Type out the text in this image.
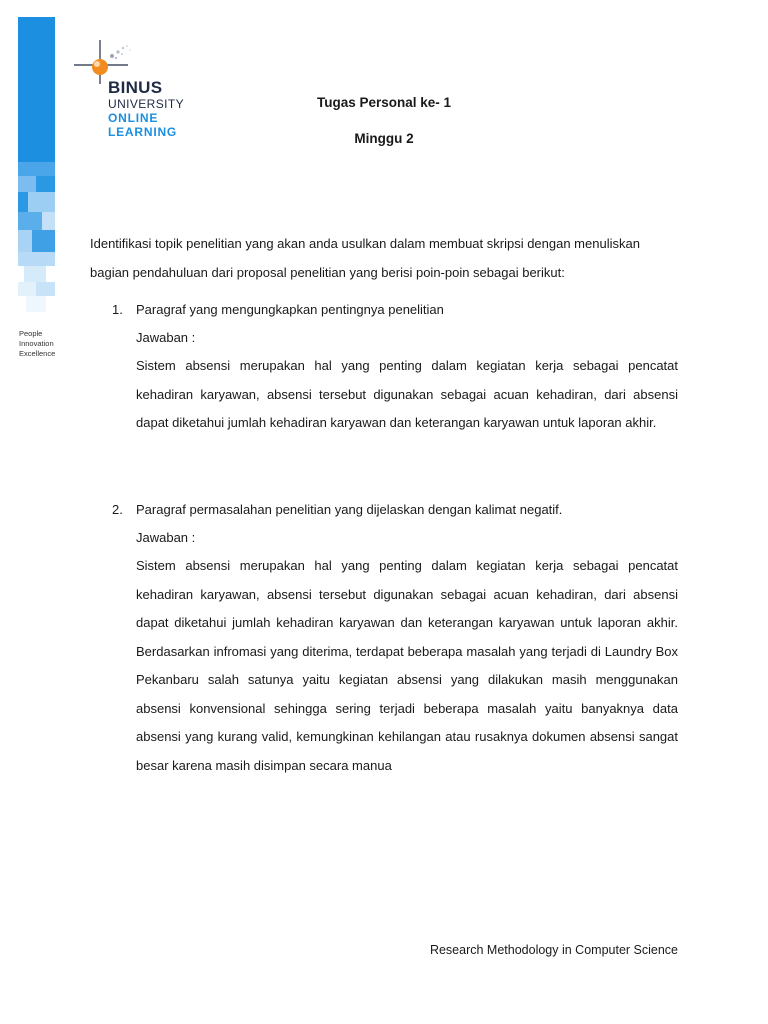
People
Innovation
Excellence
BINUS
UNIVERSITY
ONLINE
LEARNING
Tugas Personal ke- 1
Minggu 2
Identifikasi topik penelitian yang akan anda usulkan dalam membuat skripsi dengan menuliskan bagian pendahuluan dari proposal penelitian yang berisi poin-poin sebagai berikut:
1. Paragraf yang mengungkapkan pentingnya penelitian
Jawaban :
Sistem absensi merupakan hal yang penting dalam kegiatan kerja sebagai pencatat kehadiran karyawan, absensi tersebut digunakan sebagai acuan kehadiran, dari absensi dapat diketahui jumlah kehadiran karyawan dan keterangan karyawan untuk laporan akhir.
2. Paragraf permasalahan penelitian yang dijelaskan dengan kalimat negatif.
Jawaban :
Sistem absensi merupakan hal yang penting dalam kegiatan kerja sebagai pencatat kehadiran karyawan, absensi tersebut digunakan sebagai acuan kehadiran, dari absensi dapat diketahui jumlah kehadiran karyawan dan keterangan karyawan untuk laporan akhir. Berdasarkan infromasi yang diterima, terdapat beberapa masalah yang terjadi di Laundry Box Pekanbaru salah satunya yaitu kegiatan absensi yang dilakukan masih menggunakan absensi konvensional sehingga sering terjadi beberapa masalah yaitu banyaknya data absensi yang kurang valid, kemungkinan kehilangan atau rusaknya dokumen absensi sangat besar karena masih disimpan secara manua
Research Methodology in Computer Science
